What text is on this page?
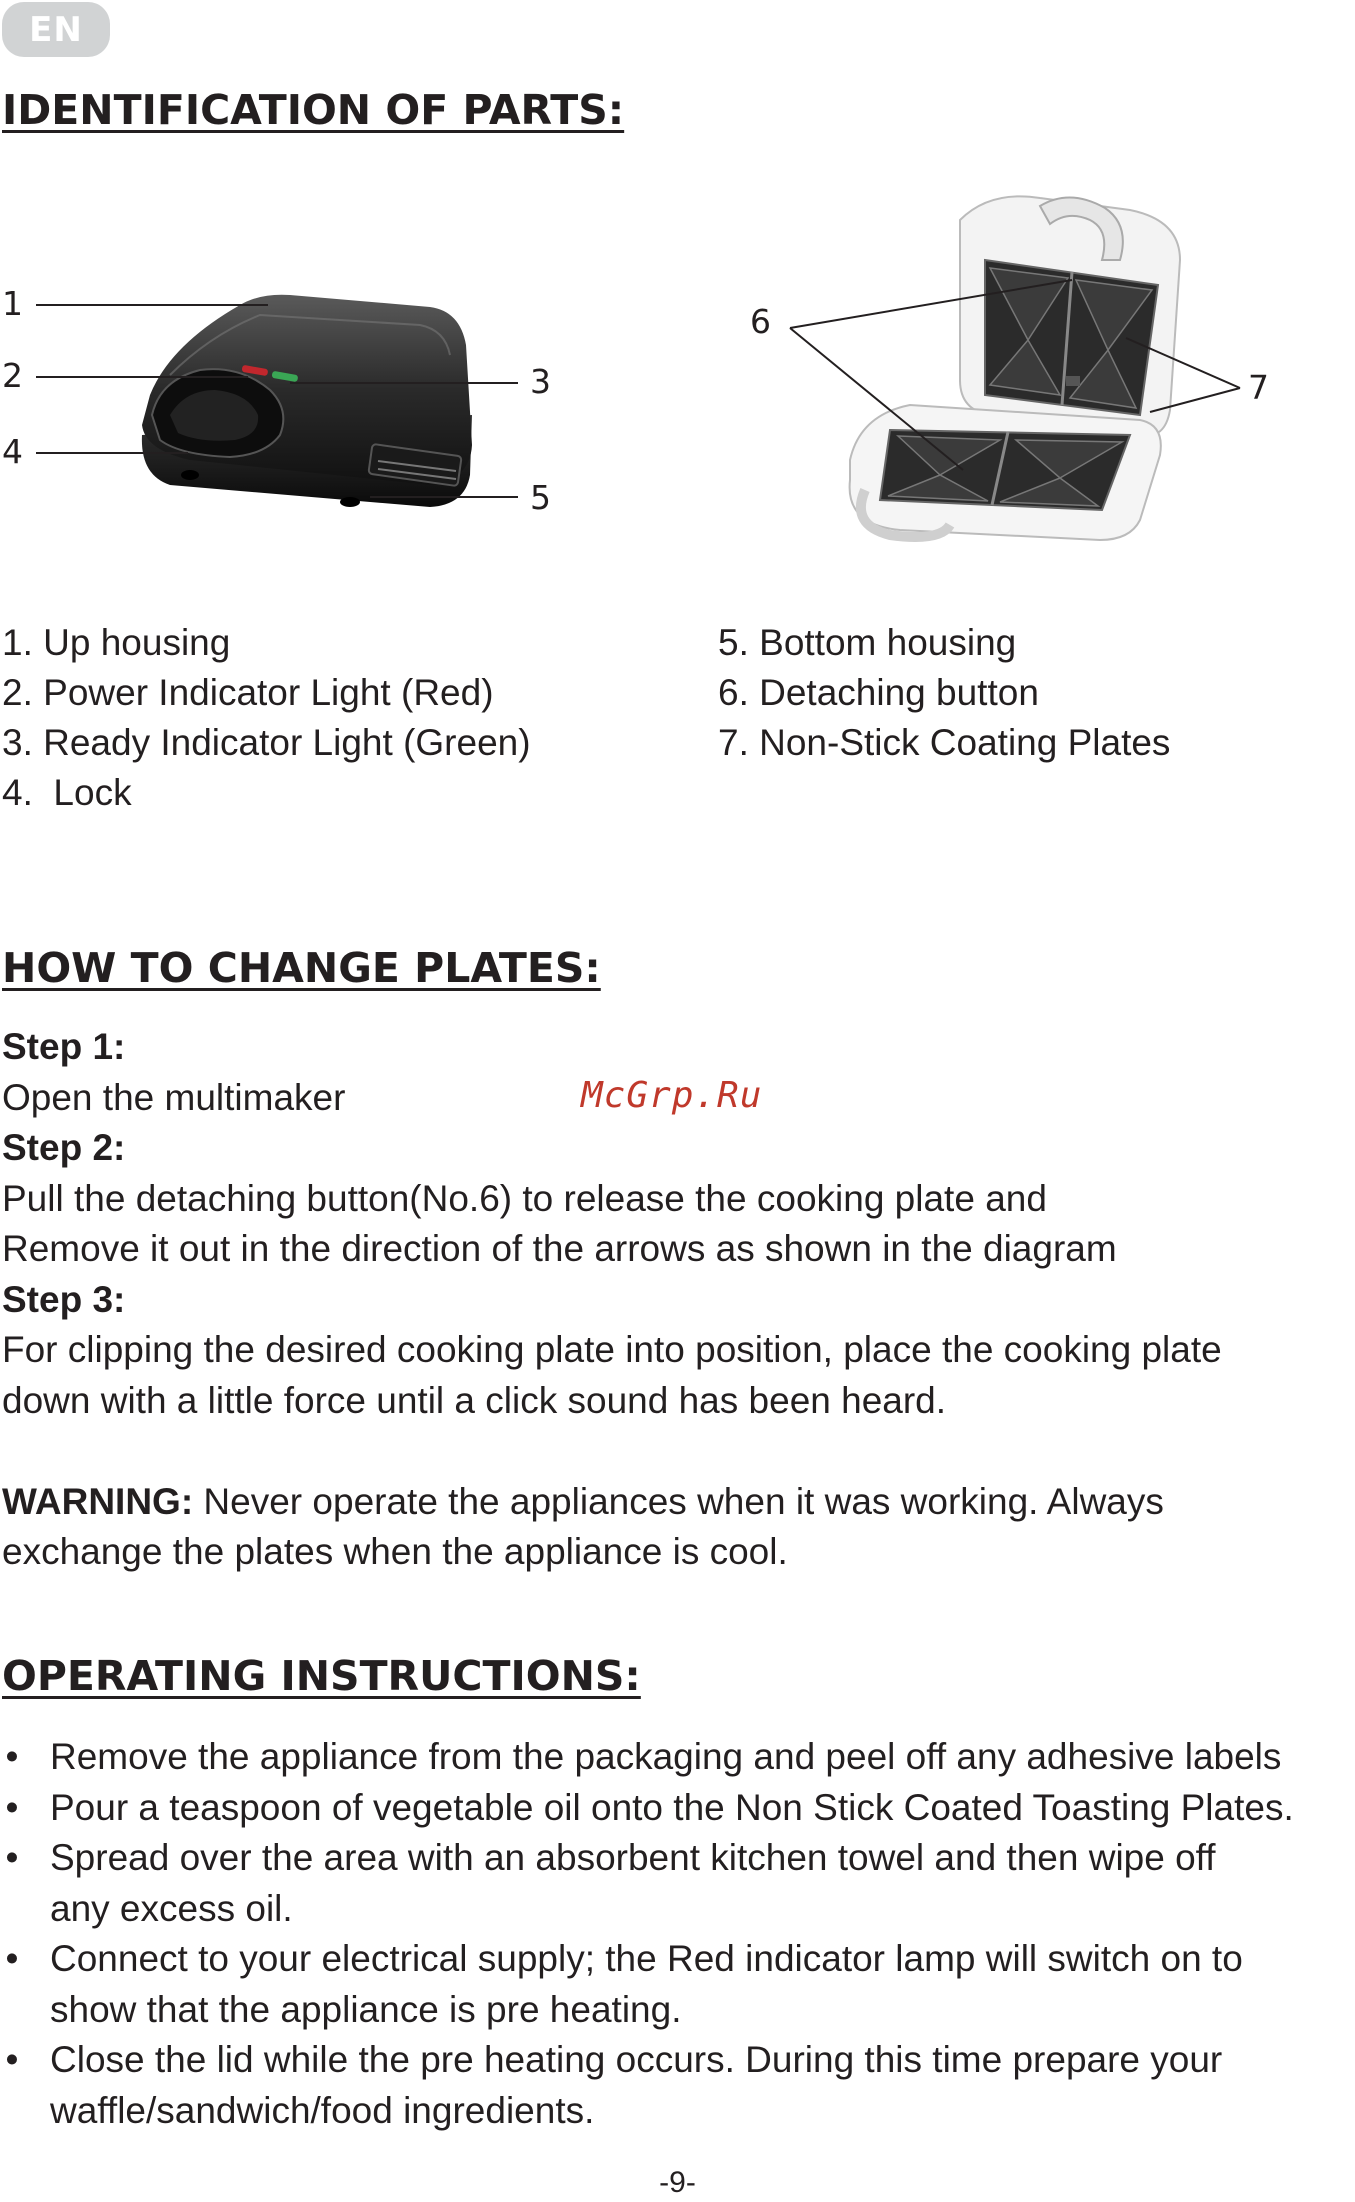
EN
IDENTIFICATION OF PARTS:
1
2	3
4
5
6
7
1. Up housing
2. Power Indicator Light (Red)
3. Ready Indicator Light (Green)
4.  Lock
5. Bottom housing
6. Detaching button
7. Non-Stick Coating Plates
HOW TO CHANGE PLATES:
Step 1:
Open the multimaker
Step 2:
Pull the detaching button(No.6) to release the cooking plate and
Remove it out in the direction of the arrows as shown in the diagram
Step 3:
For clipping the desired cooking plate into position, place the cooking plate
down with a little force until a click sound has been heard.
WARNING: Never operate the appliances when it was working. Always
exchange the plates when the appliance is cool.
McGrp.Ru
OPERATING INSTRUCTIONS:
• Remove the appliance from the packaging and peel off any adhesive labels
• Pour a teaspoon of vegetable oil onto the Non Stick Coated Toasting Plates.
• Spread over the area with an absorbent kitchen towel and then wipe off
any excess oil.
• Connect to your electrical supply; the Red indicator lamp will switch on to
show that the appliance is pre heating.
• Close the lid while the pre heating occurs. During this time prepare your
waffle/sandwich/food ingredients.
-9-
